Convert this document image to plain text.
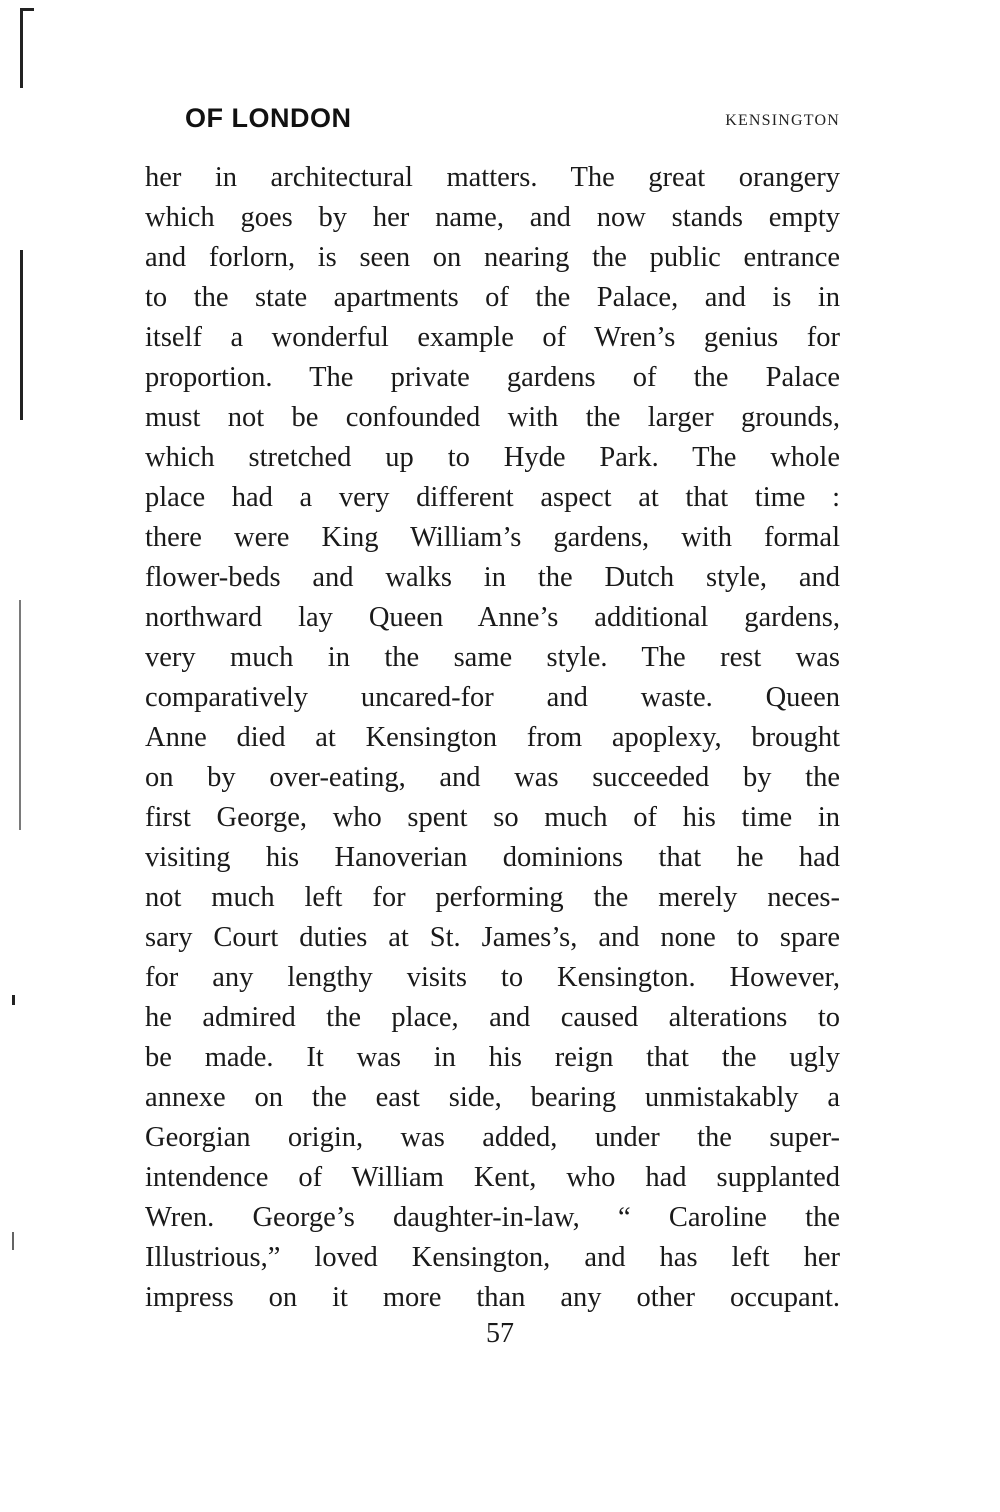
OF LONDON	KENSINGTON
her in architectural matters. The great orangery
which goes by her name, and now stands empty
and forlorn, is seen on nearing the public entrance
to the state apartments of the Palace, and is in
itself a wonderful example of Wren’s genius for
proportion. The private gardens of the Palace
must not be confounded with the larger grounds,
which stretched up to Hyde Park. The whole
place had a very different aspect at that time :
there were King William’s gardens, with formal
flower-beds and walks in the Dutch style, and
northward lay Queen Anne’s additional gardens,
very much in the same style. The rest was
comparatively uncared-for and waste. Queen
Anne died at Kensington from apoplexy, brought
on by over-eating, and was succeeded by the
first George, who spent so much of his time in
visiting his Hanoverian dominions that he had
not much left for performing the merely neces-
sary Court duties at St. James’s, and none to spare
for any lengthy visits to Kensington. However,
he admired the place, and caused alterations to
be made. It was in his reign that the ugly
annexe on the east side, bearing unmistakably a
Georgian origin, was added, under the super-
intendence of William Kent, who had supplanted
Wren. George’s daughter-in-law, “ Caroline the
Illustrious,” loved Kensington, and has left her
impress on it more than any other occupant.
57
